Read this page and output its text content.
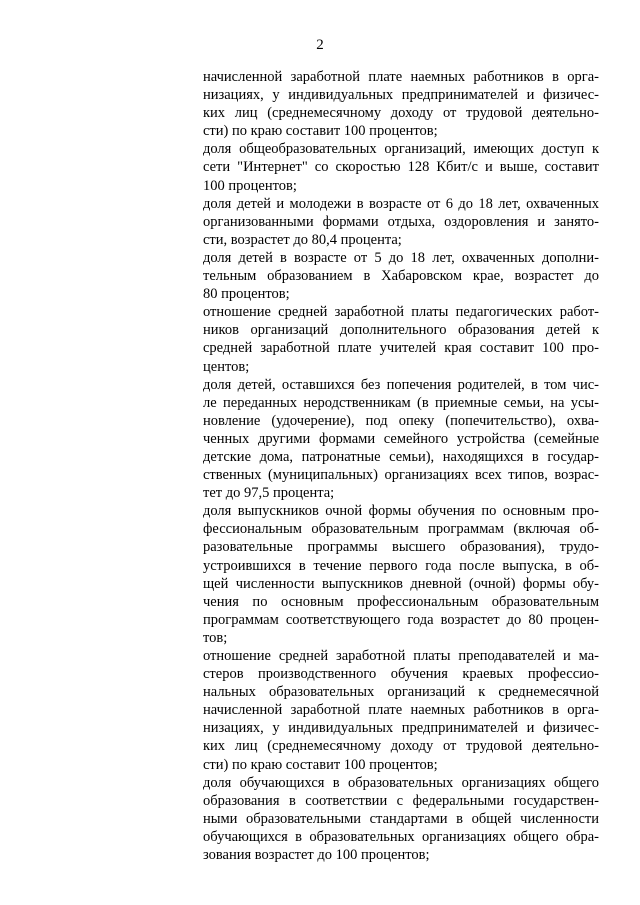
2
начисленной заработной плате наемных работников в орга-
низациях, у индивидуальных предпринимателей и физичес-
ких лиц (среднемесячному доходу от трудовой деятельно-
сти) по краю составит 100 процентов;
доля общеобразовательных организаций, имеющих доступ к
сети "Интернет" со скоростью 128 Кбит/с и выше, составит
100 процентов;
доля детей и молодежи в возрасте от 6 до 18 лет, охваченных
организованными формами отдыха, оздоровления и занято-
сти, возрастет до 80,4 процента;
доля детей в возрасте от 5 до 18 лет, охваченных дополни-
тельным образованием в Хабаровском крае, возрастет до
80 процентов;
отношение средней заработной платы педагогических работ-
ников организаций дополнительного образования детей к
средней заработной плате учителей края составит 100 про-
центов;
доля детей, оставшихся без попечения родителей, в том чис-
ле переданных неродственникам (в приемные семьи, на усы-
новление (удочерение), под опеку (попечительство), охва-
ченных другими формами семейного устройства (семейные
детские дома, патронатные семьи), находящихся в государ-
ственных (муниципальных) организациях всех типов, возрас-
тет до 97,5 процента;
доля выпускников очной формы обучения по основным про-
фессиональным образовательным программам (включая об-
разовательные программы высшего образования), трудо-
устроившихся в течение первого года после выпуска, в об-
щей численности выпускников дневной (очной) формы обу-
чения по основным профессиональным образовательным
программам соответствующего года возрастет до 80 процен-
тов;
отношение средней заработной платы преподавателей и ма-
стеров производственного обучения краевых профессио-
нальных образовательных организаций к среднемесячной
начисленной заработной плате наемных работников в орга-
низациях, у индивидуальных предпринимателей и физичес-
ких лиц (среднемесячному доходу от трудовой деятельно-
сти) по краю составит 100 процентов;
доля обучающихся в образовательных организациях общего
образования в соответствии с федеральными государствен-
ными образовательными стандартами в общей численности
обучающихся в образовательных организациях общего обра-
зования возрастет до 100 процентов;
